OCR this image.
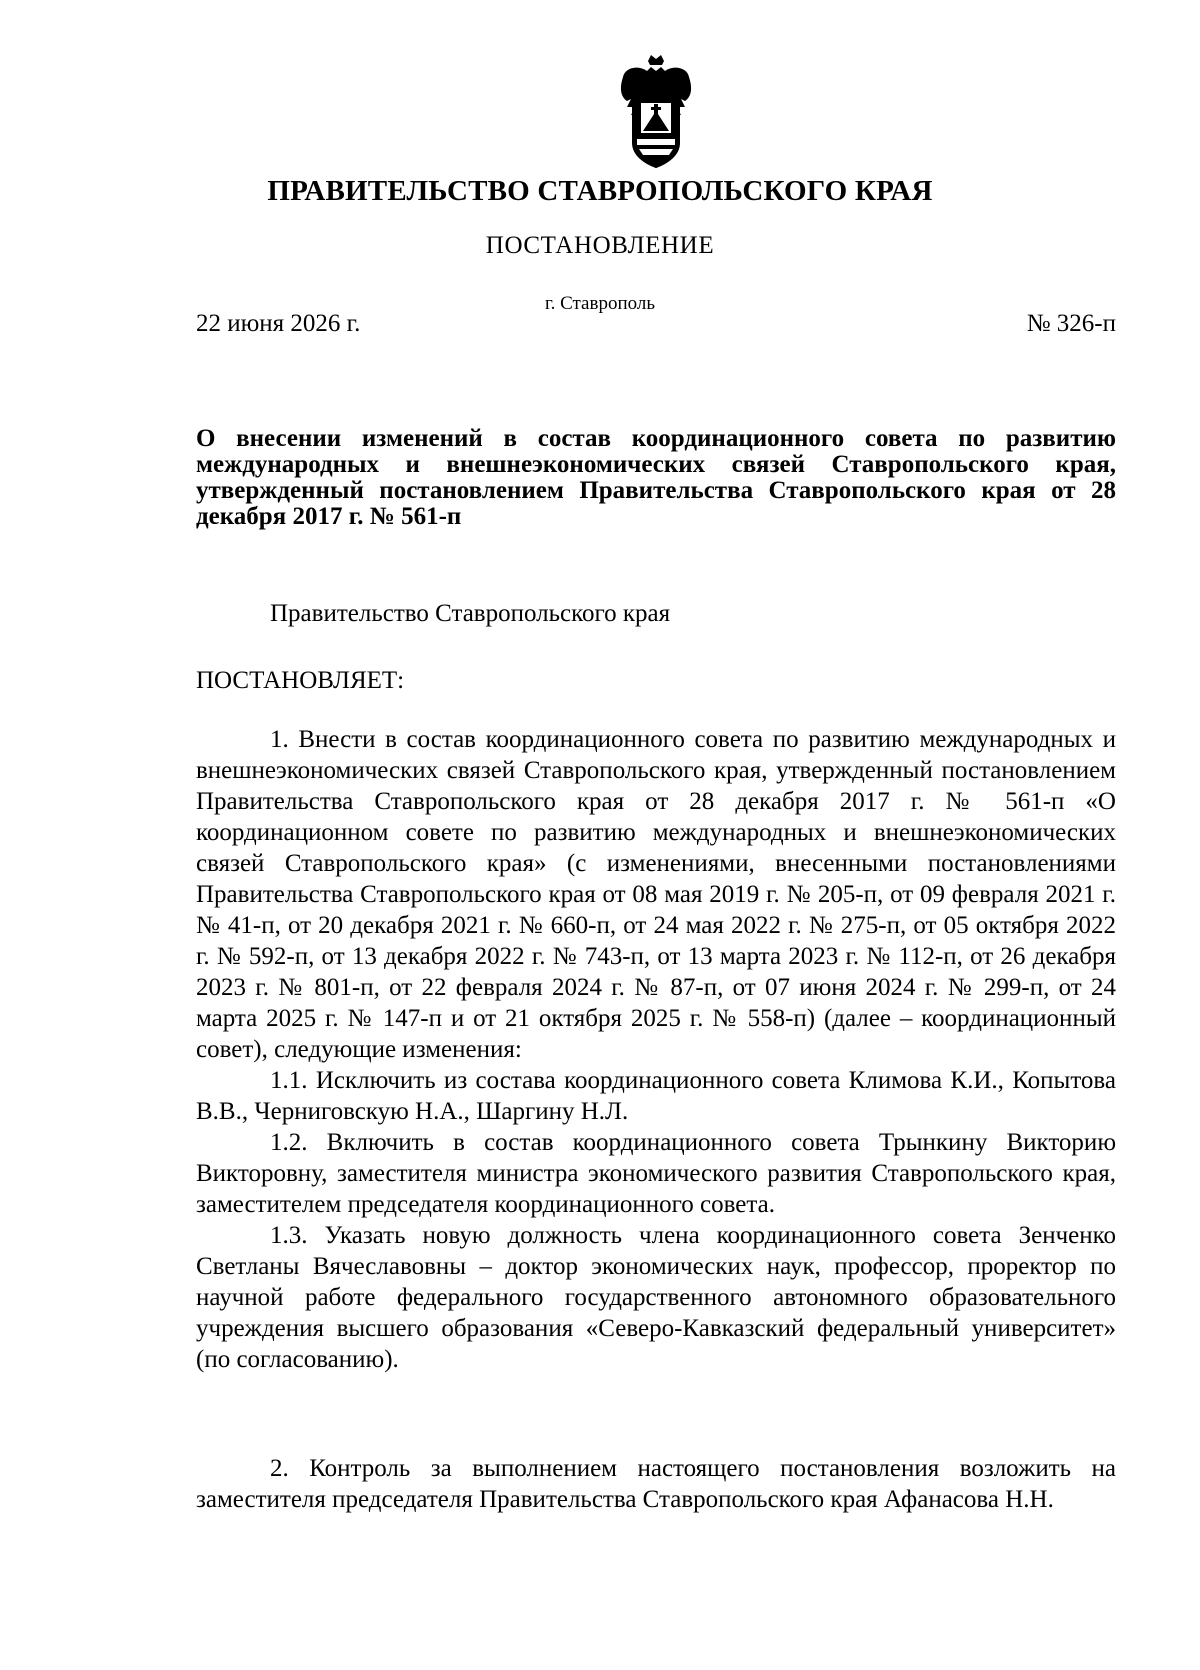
ПРАВИТЕЛЬСТВО СТАВРОПОЛЬСКОГО КРАЯ
ПОСТАНОВЛЕНИЕ
г. Ставрополь
22 июня 2026 г.	№ 326-п
О внесении изменений в состав координационного совета по развитию международных и внешнеэкономических связей Ставропольского края, утвержденный постановлением Правительства Ставропольского края от 28 декабря 2017 г. № 561-п
Правительство Ставропольского края
ПОСТАНОВЛЯЕТ:

1. Внести в состав координационного совета по развитию международных и внешнеэкономических связей Ставропольского края, утвержденный постановлением Правительства Ставропольского края от 28 декабря 2017 г. № 561-п «О координационном совете по развитию международных и внешнеэкономических связей Ставропольского края» (с изменениями, внесенными постановлениями Правительства Ставропольского края от 08 мая 2019 г. № 205-п, от 09 февраля 2021 г. № 41-п, от 20 декабря 2021 г. № 660-п, от 24 мая 2022 г. № 275-п, от 05 октября 2022 г. № 592-п, от 13 декабря 2022 г. № 743-п, от 13 марта 2023 г. № 112-п, от 26 декабря 2023 г. № 801-п, от 22 февраля 2024 г. № 87-п, от 07 июня 2024 г. № 299-п, от 24 марта 2025 г. № 147-п и от 21 октября 2025 г. № 558-п) (далее – координационный совет), следующие изменения:

1.1. Исключить из состава координационного совета Климова К.И., Копытова В.В., Черниговскую Н.А., Шаргину Н.Л.

1.2. Включить в состав координационного совета Трынкину Викторию Викторовну, заместителя министра экономического развития Ставропольского края, заместителем председателя координационного совета.

1.3. Указать новую должность члена координационного совета Зенченко Светланы Вячеславовны – доктор экономических наук, профессор, проректор по научной работе федерального государственного автономного образовательного учреждения высшего образования «Северо-Кавказский федеральный университет» (по согласованию).

2. Контроль за выполнением настоящего постановления возложить на заместителя председателя Правительства Ставропольского края Афанасова Н.Н.
